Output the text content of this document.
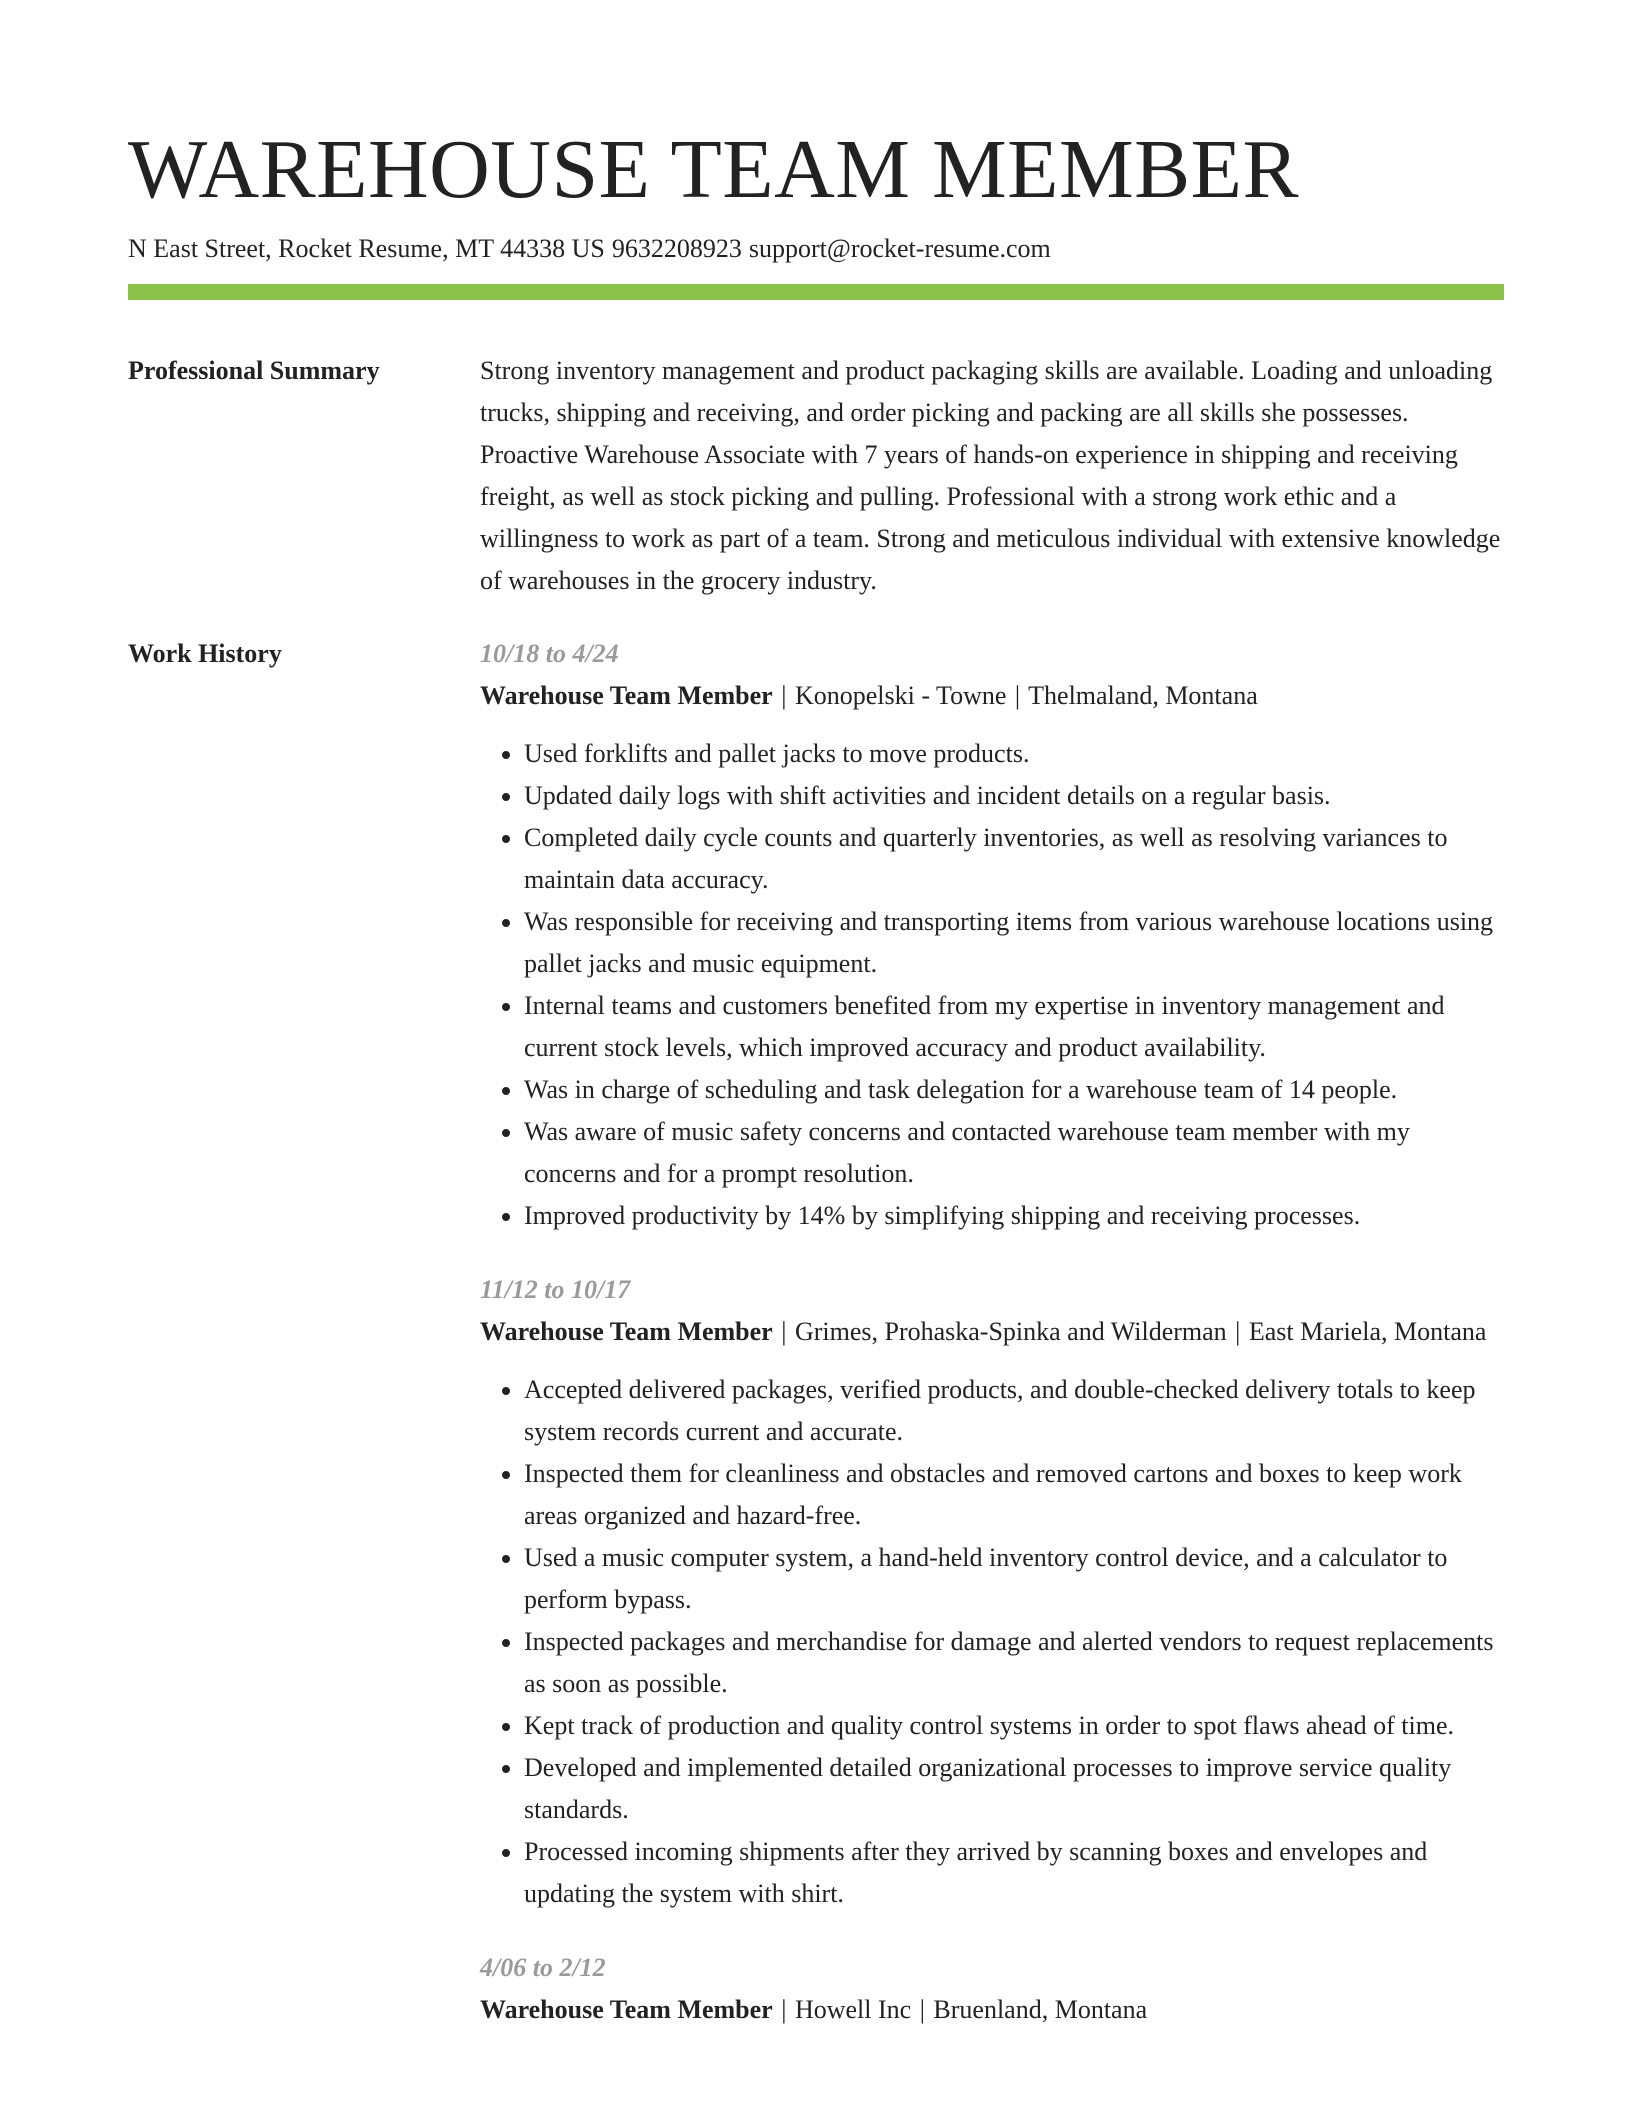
WAREHOUSE TEAM MEMBER
N East Street, Rocket Resume, MT 44338 US 9632208923 support@rocket-resume.com
Professional Summary	Strong inventory management and product packaging skills are available. Loading and unloading trucks, shipping and receiving, and order picking and packing are all skills she possesses. Proactive Warehouse Associate with 7 years of hands-on experience in shipping and receiving freight, as well as stock picking and pulling. Professional with a strong work ethic and a willingness to work as part of a team. Strong and meticulous individual with extensive knowledge of warehouses in the grocery industry.

Work History	10/18 to 4/24
Warehouse Team Member | Konopelski - Towne | Thelmaland, Montana
• Used forklifts and pallet jacks to move products.
• Updated daily logs with shift activities and incident details on a regular basis.
• Completed daily cycle counts and quarterly inventories, as well as resolving variances to maintain data accuracy.
• Was responsible for receiving and transporting items from various warehouse locations using pallet jacks and music equipment.
• Internal teams and customers benefited from my expertise in inventory management and current stock levels, which improved accuracy and product availability.
• Was in charge of scheduling and task delegation for a warehouse team of 14 people.
• Was aware of music safety concerns and contacted warehouse team member with my concerns and for a prompt resolution.
• Improved productivity by 14% by simplifying shipping and receiving processes.
11/12 to 10/17
Warehouse Team Member | Grimes, Prohaska-Spinka and Wilderman | East Mariela, Montana
• Accepted delivered packages, verified products, and double-checked delivery totals to keep system records current and accurate.
• Inspected them for cleanliness and obstacles and removed cartons and boxes to keep work areas organized and hazard-free.
• Used a music computer system, a hand-held inventory control device, and a calculator to perform bypass.
• Inspected packages and merchandise for damage and alerted vendors to request replacements as soon as possible.
• Kept track of production and quality control systems in order to spot flaws ahead of time.
• Developed and implemented detailed organizational processes to improve service quality standards.
• Processed incoming shipments after they arrived by scanning boxes and envelopes and updating the system with shirt.
4/06 to 2/12
Warehouse Team Member | Howell Inc | Bruenland, Montana
